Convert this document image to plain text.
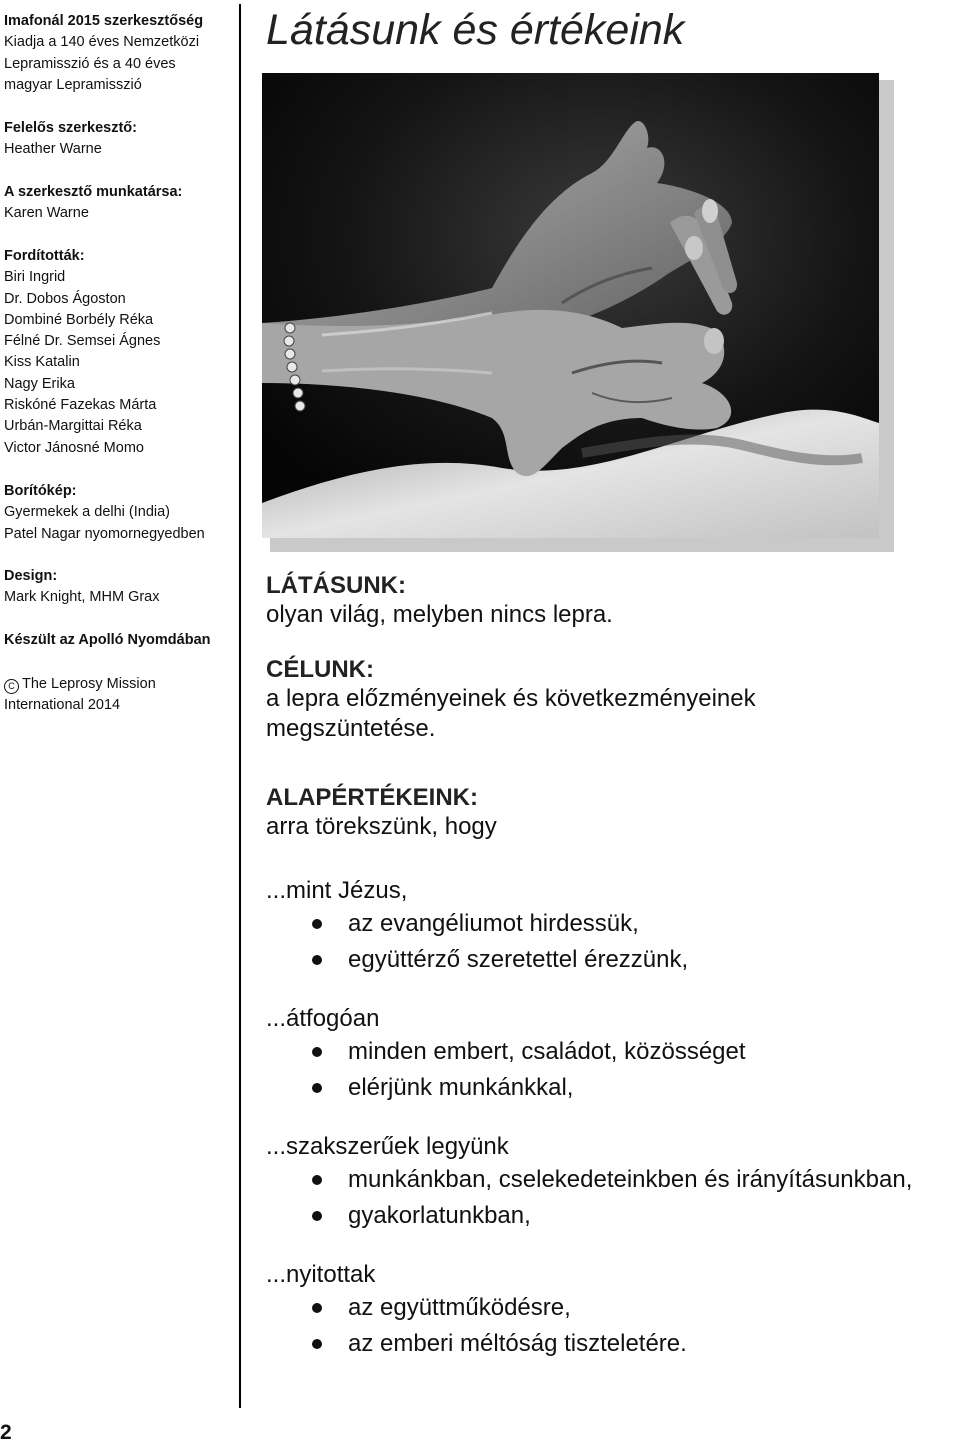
Imafonál 2015 szerkesztőség
Kiadja a 140 éves Nemzetközi
Lepramisszió és a 40 éves
magyar Lepramisszió
Felelős szerkesztő:
Heather Warne
A szerkesztő munkatársa:
Karen Warne
Fordították:
Biri Ingrid
Dr. Dobos Ágoston
Dombiné Borbély Réka
Félné Dr. Semsei Ágnes
Kiss Katalin
Nagy Erika
Riskóné Fazekas Márta
Urbán-Margittai Réka
Victor Jánosné Momo
Borítókép:
Gyermekek a delhi (India)
Patel Nagar nyomornegyedben
Design:
Mark Knight, MHM Grax
Készült az Apolló Nyomdában
C The Leprosy Mission
International 2014
2
Látásunk és értékeink
LÁTÁSUNK:
olyan világ, melyben nincs lepra.
CÉLUNK:
a lepra előzményeinek és következményeinek
megszüntetése.
ALAPÉRTÉKEINK:
arra törekszünk, hogy
...mint Jézus,
az evangéliumot hirdessük,
együttérző szeretettel érezzünk,
...átfogóan
minden embert, családot, közösséget
elérjünk munkánkkal,
...szakszerűek legyünk
munkánkban, cselekedeteinkben és irányításunkban,
gyakorlatunkban,
...nyitottak
az együttműködésre,
az emberi méltóság tiszteletére.
